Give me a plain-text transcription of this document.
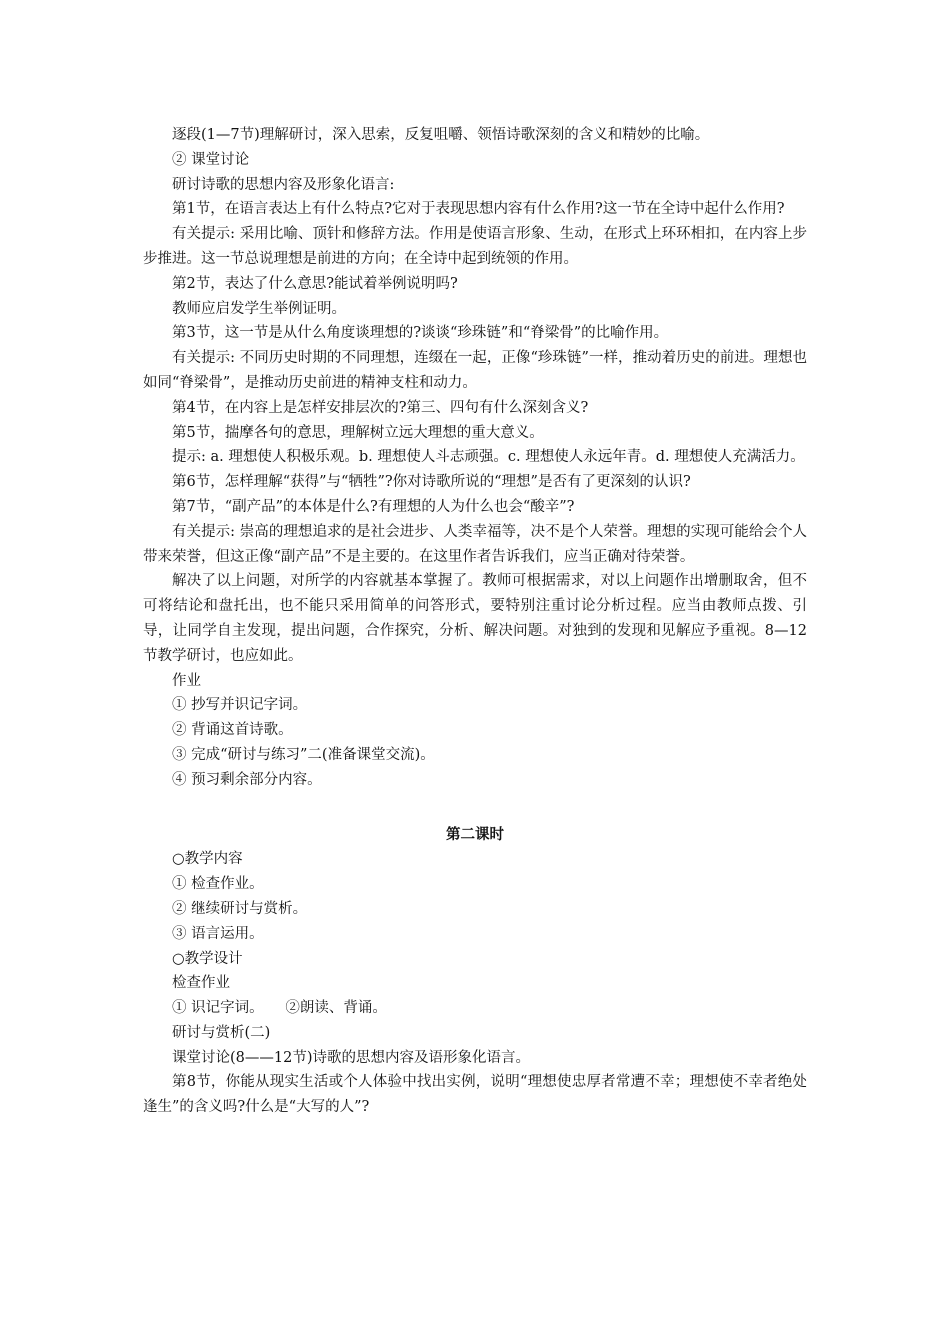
逐段(1—7节)理解研讨，深入思索，反复咀嚼、领悟诗歌深刻的含义和精妙的比喻。

② 课堂讨论

研讨诗歌的思想内容及形象化语言:

第1节，在语言表达上有什么特点?它对于表现思想内容有什么作用?这一节在全诗中起什么作用?

有关提示: 采用比喻、顶针和修辞方法。作用是使语言形象、生动，在形式上环环相扣，在内容上步步推进。这一节总说理想是前进的方向；在全诗中起到统领的作用。

第2节，表达了什么意思?能试着举例说明吗?

教师应启发学生举例证明。

第3节，这一节是从什么角度谈理想的?谈谈“珍珠链”和“脊梁骨”的比喻作用。

有关提示: 不同历史时期的不同理想，连缀在一起，正像“珍珠链”一样，推动着历史的前进。理想也如同“脊梁骨”，是推动历史前进的精神支柱和动力。

第4节，在内容上是怎样安排层次的?第三、四句有什么深刻含义?

第5节，揣摩各句的意思，理解树立远大理想的重大意义。

提示: a. 理想使人积极乐观。b. 理想使人斗志顽强。c. 理想使人永远年青。d. 理想使人充满活力。

第6节，怎样理解“获得”与“牺牲”?你对诗歌所说的“理想”是否有了更深刻的认识?

第7节，“副产品”的本体是什么?有理想的人为什么也会“酸辛”?

有关提示: 崇高的理想追求的是社会进步、人类幸福等，决不是个人荣誉。理想的实现可能给会个人带来荣誉，但这正像“副产品”不是主要的。在这里作者告诉我们，应当正确对待荣誉。

解决了以上问题，对所学的内容就基本掌握了。教师可根据需求，对以上问题作出增删取舍，但不可将结论和盘托出，也不能只采用简单的问答形式，要特别注重讨论分析过程。应当由教师点拨、引导，让同学自主发现，提出问题，合作探究，分析、解决问题。对独到的发现和见解应予重视。8—12节教学研讨，也应如此。

作业

① 抄写并识记字词。

② 背诵这首诗歌。

③ 完成“研讨与练习”二(准备课堂交流)。

④ 预习剩余部分内容。

第二课时

○教学内容

① 检查作业。

② 继续研讨与赏析。

③ 语言运用。

○教学设计

检查作业

① 识记字词。　　②朗读、背诵。

研讨与赏析(二)

课堂讨论(8——12节)诗歌的思想内容及语形象化语言。

第8节，你能从现实生活或个人体验中找出实例，说明“理想使忠厚者常遭不幸；理想使不幸者绝处逢生”的含义吗?什么是“大写的人”?
